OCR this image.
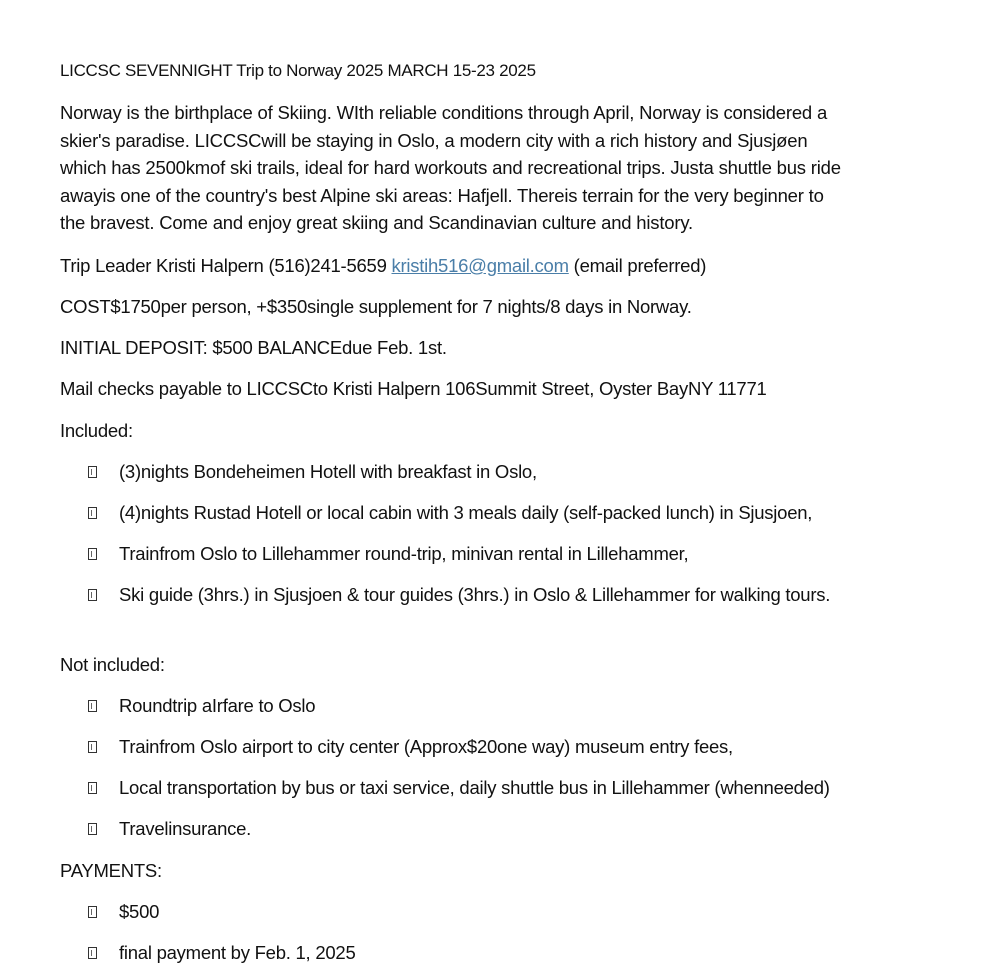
LICCSC SEVENNIGHT Trip to Norway 2025 MARCH 15-23 2025
Norway is the birthplace of Skiing. WIth reliable conditions through April, Norway is considered a
skier's paradise. LICCSCwill be staying in Oslo, a modern city with a rich history and Sjusjøen
which has 2500kmof ski trails, ideal for hard workouts and recreational trips. Justa shuttle bus ride
awayis one of the country's best Alpine ski areas: Hafjell. Thereis terrain for the very beginner to
the bravest. Come and enjoy great skiing and Scandinavian culture and history.
Trip Leader Kristi Halpern (516)241-5659 kristih516@gmail.com (email preferred)
COST$1750per person, +$350single supplement for 7 nights/8 days in Norway.
INITIAL DEPOSIT: $500 BALANCEdue Feb. 1st.
Mail checks payable to LICCSCto Kristi Halpern 106Summit Street, Oyster BayNY 11771
Included:
(3)nights Bondeheimen Hotell with breakfast in Oslo,
(4)nights Rustad Hotell or local cabin with 3 meals daily (self-packed lunch) in Sjusjoen,
Trainfrom Oslo to Lillehammer round-trip, minivan rental in Lillehammer,
Ski guide (3hrs.) in Sjusjoen & tour guides (3hrs.) in Oslo & Lillehammer for walking tours.
Not included:
Roundtrip aIrfare to Oslo
Trainfrom Oslo airport to city center (Approx$20one way) museum entry fees,
Local transportation by bus or taxi service, daily shuttle bus in Lillehammer (whenneeded)
Travelinsurance.
PAYMENTS:
$500
final payment by Feb. 1, 2025
